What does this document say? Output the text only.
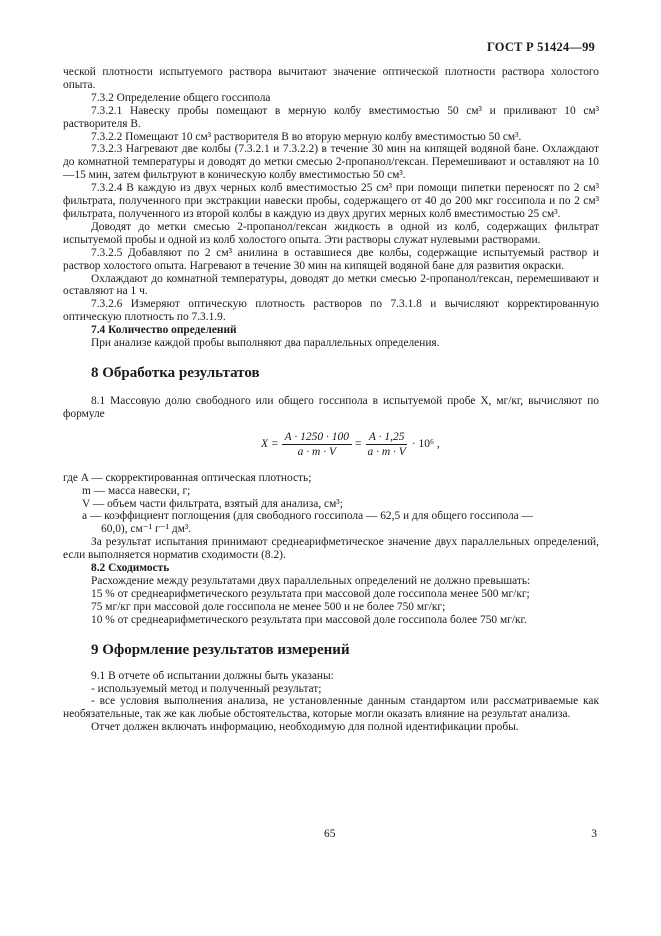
ГОСТ Р 51424—99

ческой плотности испытуемого раствора вычитают значение оптической плотности раствора холостого опыта.

7.3.2 Определение общего госсипола

7.3.2.1 Навеску пробы помещают в мерную колбу вместимостью 50 см³ и приливают 10 см³ растворителя B.

7.3.2.2 Помещают 10 см³ растворителя B во вторую мерную колбу вместимостью 50 см³.

7.3.2.3 Нагревают две колбы (7.3.2.1 и 7.3.2.2) в течение 30 мин на кипящей водяной бане. Охлаждают до комнатной температуры и доводят до метки смесью 2-пропанол/гексан. Перемешивают и оставляют на 10—15 мин, затем фильтруют в коническую колбу вместимостью 50 см³.

7.3.2.4 В каждую из двух черных колб вместимостью 25 см³ при помощи пипетки переносят по 2 см³ фильтрата, полученного при экстракции навески пробы, содержащего от 40 до 200 мкг госсипола и по 2 см³ фильтрата, полученного из второй колбы в каждую из двух других мерных колб вместимостью 25 см³.

Доводят до метки смесью 2-пропанол/гексан жидкость в одной из колб, содержащих фильтрат испытуемой пробы и одной из колб холостого опыта. Эти растворы служат нулевыми растворами.

7.3.2.5 Добавляют по 2 см³ анилина в оставшиеся две колбы, содержащие испытуемый раствор и раствор холостого опыта. Нагревают в течение 30 мин на кипящей водяной бане для развития окраски.

Охлаждают до комнатной температуры, доводят до метки смесью 2-пропанол/гексан, перемешивают и оставляют на 1 ч.

7.3.2.6 Измеряют оптическую плотность растворов по 7.3.1.8 и вычисляют корректированную оптическую плотность по 7.3.1.9.

7.4 Количество определений

При анализе каждой пробы выполняют два параллельных определения.

8 Обработка результатов

8.1 Массовую долю свободного или общего госсипола в испытуемой пробе X, мг/кг, вычисляют по формуле

$X = \frac{A \cdot 1250 \cdot 100}{a \cdot m \cdot V} = \frac{A \cdot 1,25}{a \cdot m \cdot V} \cdot 10^6$ ,

где A — скорректированная оптическая плотность;

m — масса навески, г;

V — объем части фильтрата, взятый для анализа, см³;

a — коэффициент поглощения (для свободного госсипола — 62,5 и для общего госсипола —

60,0), см⁻¹ г⁻¹ дм³.

За результат испытания принимают среднеарифметическое значение двух параллельных определений, если выполняется норматив сходимости (8.2).

8.2 Сходимость

Расхождение между результатами двух параллельных определений не должно превышать:

15 % от среднеарифметического результата при массовой доле госсипола менее 500 мг/кг;

75 мг/кг при массовой доле госсипола не менее 500 и не более 750 мг/кг;

10 % от среднеарифметического результата при массовой доле госсипола более 750 мг/кг.

9 Оформление результатов измерений

9.1 В отчете об испытании должны быть указаны:

- используемый метод и полученный результат;

- все условия выполнения анализа, не установленные данным стандартом или рассматриваемые как необязательные, так же как любые обстоятельства, которые могли оказать влияние на результат анализа.

Отчет должен включать информацию, необходимую для полной идентификации пробы.

65	3
